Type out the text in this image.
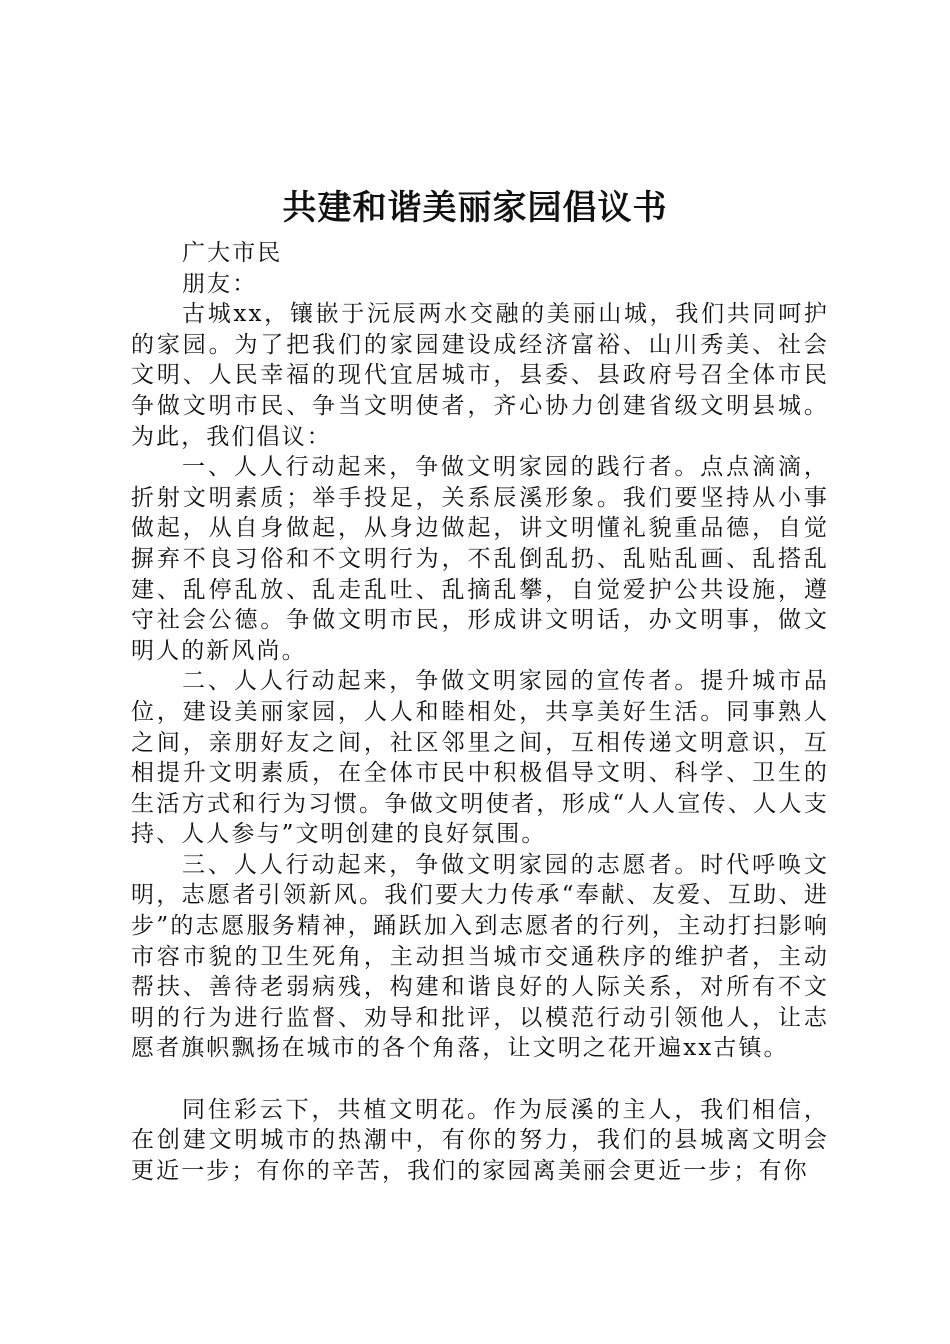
共建和谐美丽家园倡议书

广大市民

朋友：

古城xx，镶嵌于沅辰两水交融的美丽山城，我们共同呵护的家园。为了把我们的家园建设成经济富裕、山川秀美、社会文明、人民幸福的现代宜居城市，县委、县政府号召全体市民争做文明市民、争当文明使者，齐心协力创建省级文明县城。为此，我们倡议：

一、人人行动起来，争做文明家园的践行者。点点滴滴，折射文明素质；举手投足，关系辰溪形象。我们要坚持从小事做起，从自身做起，从身边做起，讲文明懂礼貌重品德，自觉摒弃不良习俗和不文明行为，不乱倒乱扔、乱贴乱画、乱搭乱建、乱停乱放、乱走乱吐、乱摘乱攀，自觉爱护公共设施，遵守社会公德。争做文明市民，形成讲文明话，办文明事，做文明人的新风尚。

二、人人行动起来，争做文明家园的宣传者。提升城市品位，建设美丽家园，人人和睦相处，共享美好生活。同事熟人之间，亲朋好友之间，社区邻里之间，互相传递文明意识，互相提升文明素质，在全体市民中积极倡导文明、科学、卫生的生活方式和行为习惯。争做文明使者，形成“人人宣传、人人支持、人人参与”文明创建的良好氛围。

三、人人行动起来，争做文明家园的志愿者。时代呼唤文明，志愿者引领新风。我们要大力传承“奉献、友爱、互助、进步”的志愿服务精神，踊跃加入到志愿者的行列，主动打扫影响市容市貌的卫生死角，主动担当城市交通秩序的维护者，主动帮扶、善待老弱病残，构建和谐良好的人际关系，对所有不文明的行为进行监督、劝导和批评，以模范行动引领他人，让志愿者旗帜飘扬在城市的各个角落，让文明之花开遍xx古镇。

同住彩云下，共植文明花。作为辰溪的主人，我们相信，在创建文明城市的热潮中，有你的努力，我们的县城离文明会更近一步；有你的辛苦，我们的家园离美丽会更近一步；有你
